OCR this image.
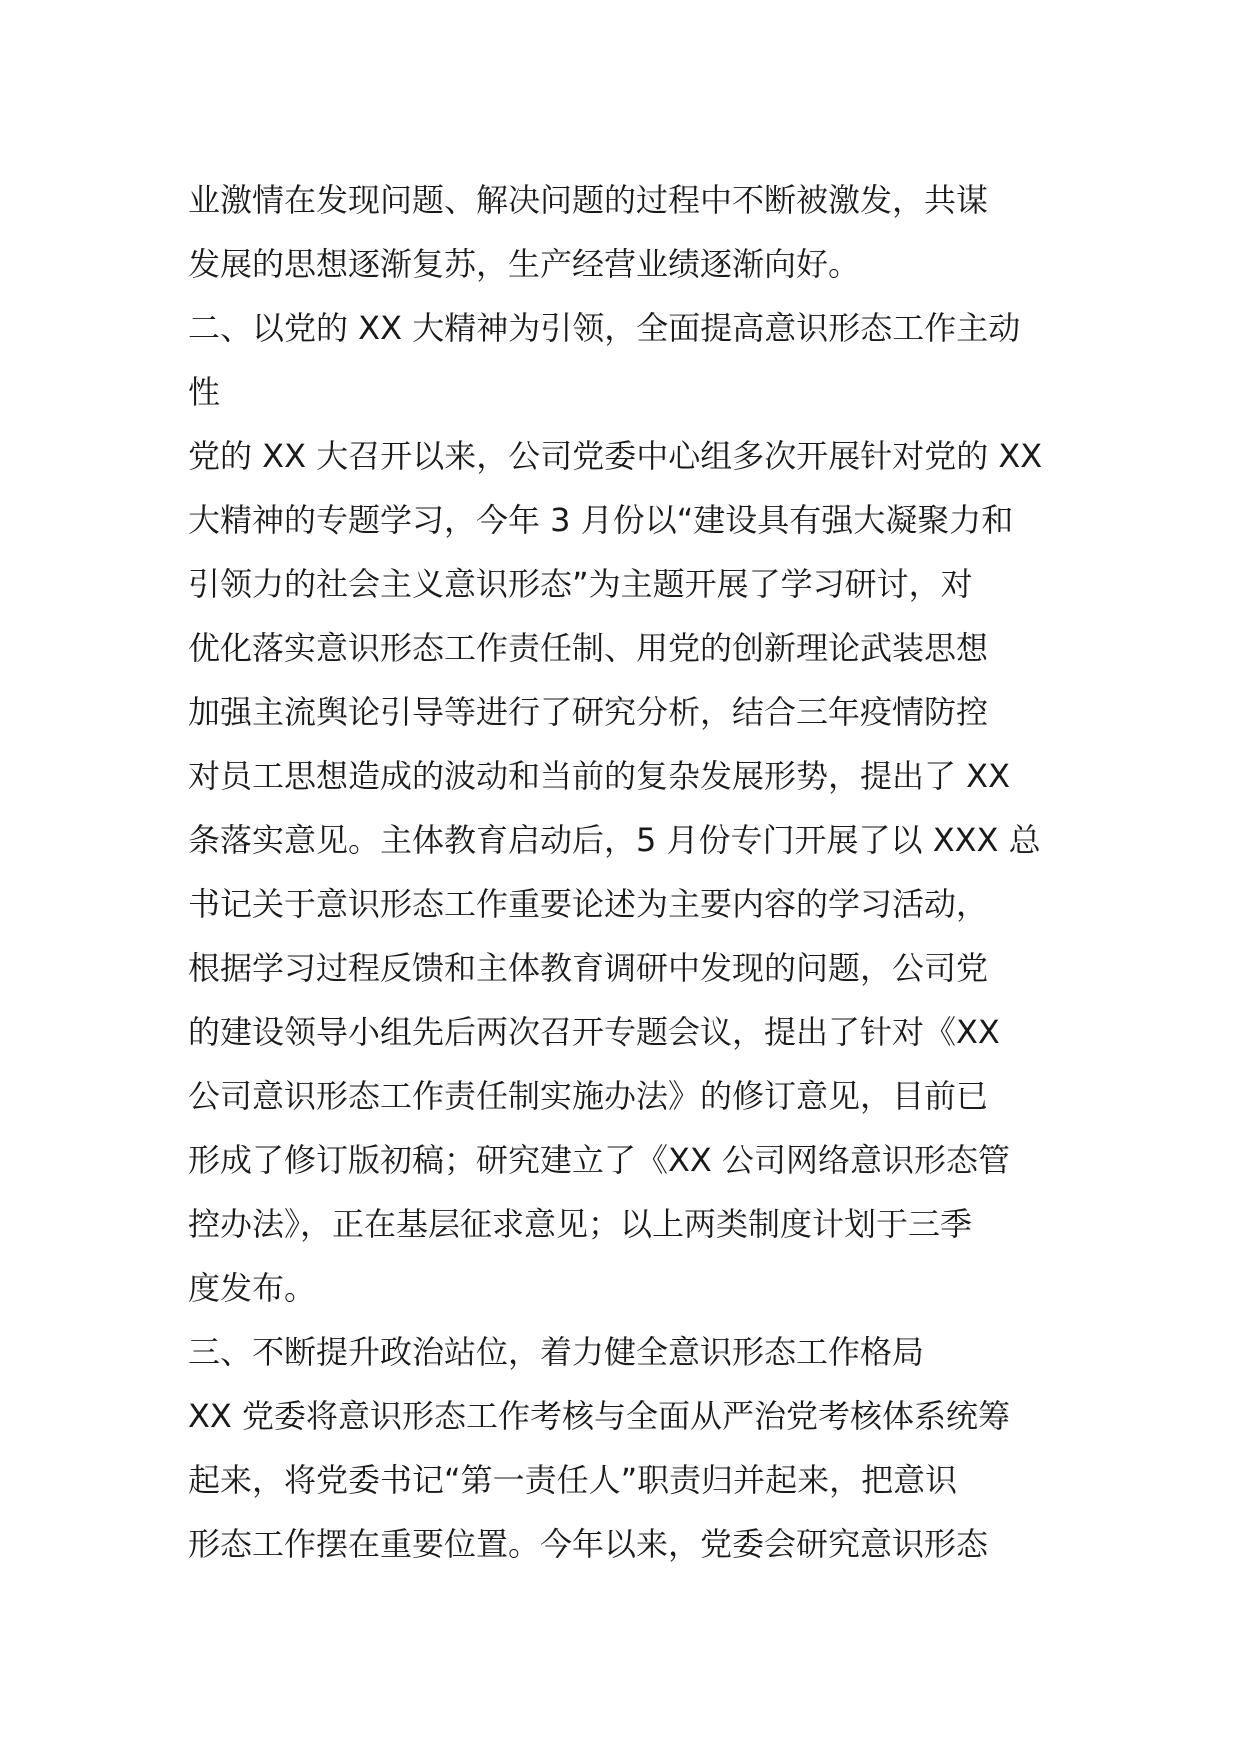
业激情在发现问题、解决问题的过程中不断被激发，共谋
发展的思想逐渐复苏，生产经营业绩逐渐向好。
二、以党的 XX 大精神为引领，全面提高意识形态工作主动
性
党的 XX 大召开以来，公司党委中心组多次开展针对党的 XX
大精神的专题学习，今年 3 月份以“建设具有强大凝聚力和
引领力的社会主义意识形态”为主题开展了学习研讨，对
优化落实意识形态工作责任制、用党的创新理论武装思想
加强主流舆论引导等进行了研究分析，结合三年疫情防控
对员工思想造成的波动和当前的复杂发展形势，提出了 XX
条落实意见。主体教育启动后，5 月份专门开展了以 XXX 总
书记关于意识形态工作重要论述为主要内容的学习活动，
根据学习过程反馈和主体教育调研中发现的问题，公司党
的建设领导小组先后两次召开专题会议，提出了针对《XX
公司意识形态工作责任制实施办法》的修订意见，目前已
形成了修订版初稿；研究建立了《XX 公司网络意识形态管
控办法》，正在基层征求意见；以上两类制度计划于三季
度发布。
三、不断提升政治站位，着力健全意识形态工作格局
XX 党委将意识形态工作考核与全面从严治党考核体系统筹
起来，将党委书记“第一责任人”职责归并起来，把意识
形态工作摆在重要位置。今年以来，党委会研究意识形态
